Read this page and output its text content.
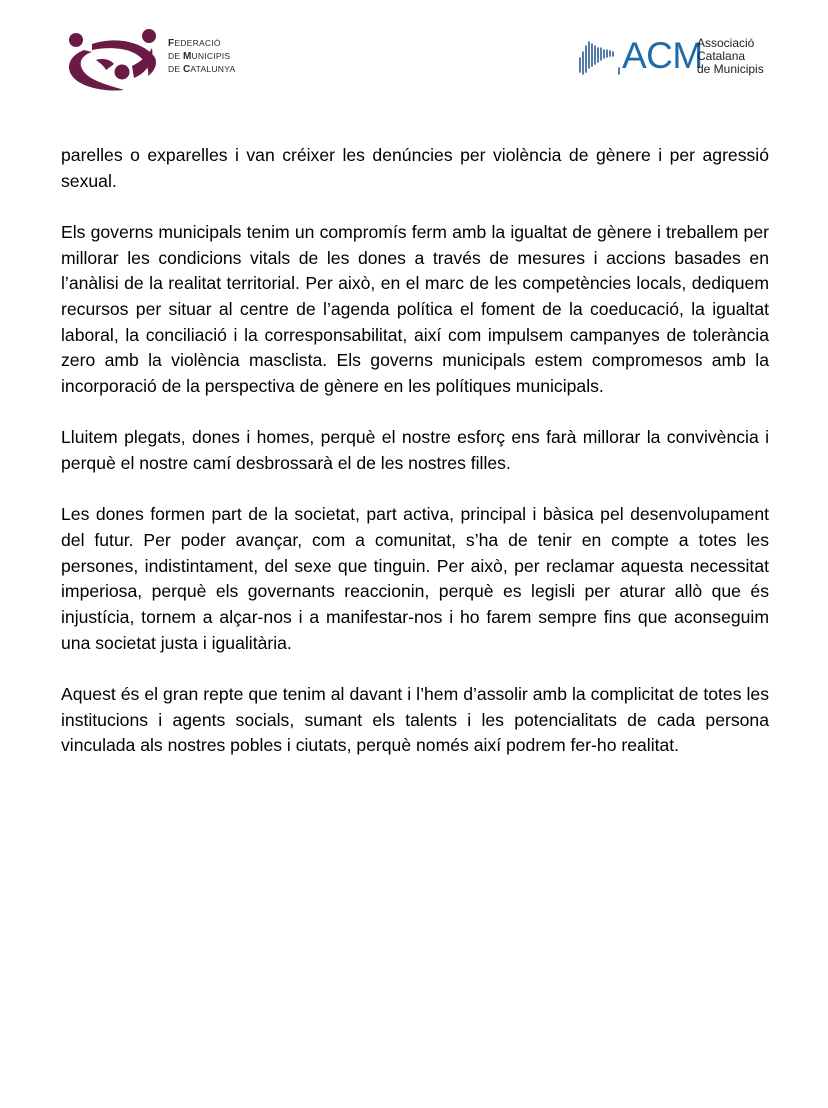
FEDERACIÓ
DE MUNICIPIS
DE CATALUNYA	ACM
Associació
Catalana
de Municipis

parelles o exparelles i van créixer les denúncies per violència de gènere i per agressió sexual.

Els governs municipals tenim un compromís ferm amb la igualtat de gènere i treballem per millorar les condicions vitals de les dones a través de mesures i accions basades en l’anàlisi de la realitat territorial. Per això, en el marc de les competències locals, dediquem recursos per situar al centre de l’agenda política el foment de la coeducació, la igualtat laboral, la conciliació i la corresponsabilitat, així com impulsem campanyes de tolerància zero amb la violència masclista. Els governs municipals estem compromesos amb la incorporació de la perspectiva de gènere en les polítiques municipals.

Lluitem plegats, dones i homes, perquè el nostre esforç ens farà millorar la convivència i perquè el nostre camí desbrossarà el de les nostres filles.

Les dones formen part de la societat, part activa, principal i bàsica pel desenvolupament del futur. Per poder avançar, com a comunitat, s’ha de tenir en compte a totes les persones, indistintament, del sexe que tinguin. Per això, per reclamar aquesta necessitat imperiosa, perquè els governants reaccionin, perquè es legisli per aturar allò que és injustícia, tornem a alçar-nos i a manifestar-nos i ho farem sempre fins que aconseguim una societat justa i igualitària.

Aquest és el gran repte que tenim al davant i l’hem d’assolir amb la complicitat de totes les institucions i agents socials, sumant els talents i les potencialitats de cada persona vinculada als nostres pobles i ciutats, perquè només així podrem fer-ho realitat.
